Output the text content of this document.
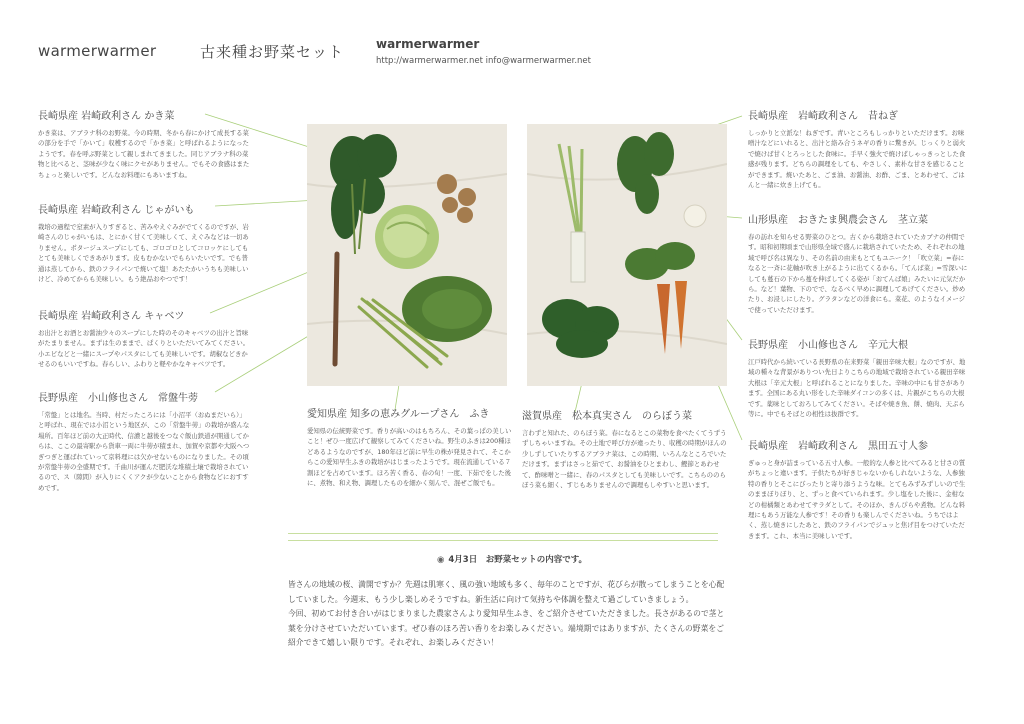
warmerwarmer	古来種お野菜セット	warmerwarmer
http://warmerwarmer.net info@warmerwarmer.net
長崎県産 岩崎政利さん かき菜

かき菜は、アブラナ科のお野菜。今の時期、冬から春にかけて成長する菜の部分を手で「かいて」収穫するので「かき菜」と呼ばれるようになったようです。春を呼ぶ野菜として親しまれてきました。同じアブラナ科の菜物と比べると、茎味が少なく味にクセがありません。でもその食感はまたちょっと楽しいです。どんなお料理にもあいますね。

長崎県産 岩崎政利さん じゃがいも

栽培の過程で窒素が入りすぎると、苦みやえぐみがでてくるのですが、岩崎さんのじゃがいもは、とにかく甘くて美味しくて、えぐみなどは一切ありません。ポタージュスープにしても、ゴロゴロとしてコロッケにしてもとても美味しくできあがります。皮もむかないでもらいたいです。でも普通は蒸してから、鉄のフライパンで焼いて塩！あたたかいうちも美味しいけど、冷めてからも美味しい。もう絶品おやつです！

長崎県産 岩崎政利さん キャベツ

お出汁とお酒とお醤油少々のスープにした時のそのキャベツの出汁と旨味がたまりません。まずは生のままで、ぱくりといただいてみてください。小エビなどと一緒にスープやパスタにしても美味しいです。胡椒などきかせるのもいいですね。春らしい、ふわりと軽やかなキャベツです。

長野県産　小山修也さん　常盤牛蒡

「常盤」とは地名。当時、村だったころには「小沼平（おぬまだいら）」と呼ばれ、現在では小沼という地区が、この「常盤牛蒡」の栽培が盛んな場所。百年ほど前の大正時代、信濃と越後をつなぐ飯山鉄道が開通してからは、ここの最寄駅から貨車一両に牛蒡が積まれ、加賀や京都や大阪へつぎつぎと運ばれていって京料理には欠かせないものになりました。その頃が常盤牛蒡の全盛期です。千曲川が運んだ肥沃な堆積土壌で栽培されているので、ス（隙間）が入りにくくアクが少ないことから食物などにおすすめです。

愛知県産 知多の恵みグループさん　ふき

愛知県の伝統野菜です。香りが高いのはもちろん、その葉っぱの美しいこと！ぜひ一度広げて観察してみてくださいね。野生のふきは200種ほどあるようなのですが、180年ほど前に早生の株が発見されて、そこからこの愛知早生ふきの栽培がはじまったようです。現在流通している７割ほどを占めています。ほろ苦く香る、春の旬！一度、下茹でをした後に、煮物、和え物、調理したものを細かく刻んで、混ぜご飯でも。

滋賀県産　松本真実さん　のらぼう菜

言わずと知れた、のらぼう菜。春になるとこの菜物を食べたくてうずうずしちゃいますね。その土地で呼び方が違ったり、収穫の時期がほんの少しずしていたりするアブラナ菜は、この時期、いろんなところでいただけます。まずはさっと茹でて、お醤油をひとまわし、鰹節とあわせて、酢味噌と一緒に、春のパスタとしても美味しいです。こちらののらぼう菜も細く、すじもありませんので調理もしやすいと思います。

長崎県産　岩崎政利さん　昔ねぎ

しっかりと立派な！ねぎです。青いところもしっかりといただけます。お味噌汁などにいれると、出汁と絡み合うネギの香りに驚きが。じっくりと弱火で焼けば甘くとろっとした食味に。手早く強火で焼けばしゃっきっとした食感が残ります。どちらの調理をしても、やさしく、素朴な甘さを感じることができます。焼いたあと、ごま油、お醤油、お酢、ごま、とあわせて、ごはんと一緒に炊き上げても。

山形県産　おきたま興農会さん　茎立菜

春の訪れを知らせる野菜のひとつ。古くから栽培されていたカブナの仲間です。昭和初期頃まで山形県全域で盛んに栽培されていたため、それぞれの地域で呼び名は異なり、その名前の由来もとてもユニーク！「吹立菜」=春になると一斉に花軸が吹き上がるように出てくるから。「てんば菜」=雪深いにしても蔓石の下から蔓を伸ばしてくる姿が「おてんば娘」みたいに元気だから。など！葉物、下のでで、なるべく早めに調理してあげてください。炒めたり、お浸しにしたり。グラタンなどの洋食にも。菜花、のようなイメージで使っていただけます。

長野県産　小山修也さん　辛元大根

江戸時代から続いている長野県の在来野菜「親田辛味大根」なのですが、地域の種々な背景がありつい先日よりこちらの地域で栽培されている親田辛味大根は「辛元大根」と呼ばれることになりました。辛味の中にも甘さがあります。全国にある丸い形をした辛味ダイコンの多くは、片親がこちらの大根です。薬味としておろしてみてください。そばや焼き魚、餅、焼肉、天ぷら等に。中でもそばとの相性は抜群です。

長崎県産　岩崎政利さん　黒田五寸人参

ぎゅっと身が詰まっている五寸人参。一般的な人参と比べてみると甘さの質がちょっと違います。子供たちが好きじゃないかもしれないような、人参独特の香りとそこにびったりと寄り添うような味。とてもみずみずしいので生のままぼりぼり、と、ずっと食べていられます。少し塩をした後に、金柑などの柑橘類とあわせてサラダとして。そのほか、きんぴらや煮物。どんな料理にもあう万能な人参です！その香りも楽しんでくださいね。うちではよく、蒸し焼きにしたあと、鉄のフライパンでジュッと焦げ目をつけていただきます。これ、本当に美味しいです。

◉ 4月3日　お野菜セットの内容です。

皆さんの地域の桜、満開ですか？先週は肌寒く、風の強い地域も多く、毎年のことですが、花びらが散ってしまうことを心配していました。今週末、もう少し楽しめそうですね。新生活に向けて気持ちや体調を整えて過ごしていきましょう。

今回、初めてお付き合いがはじまりました農家さんより愛知早生ふき、をご紹介させていただきました。長さがあるので茎と葉を分けさせていただいています。ぜひ春のほろ苦い香りをお楽しみください。端境期ではありますが、たくさんの野菜をご紹介できて嬉しい限りです。それぞれ、お楽しみください！
